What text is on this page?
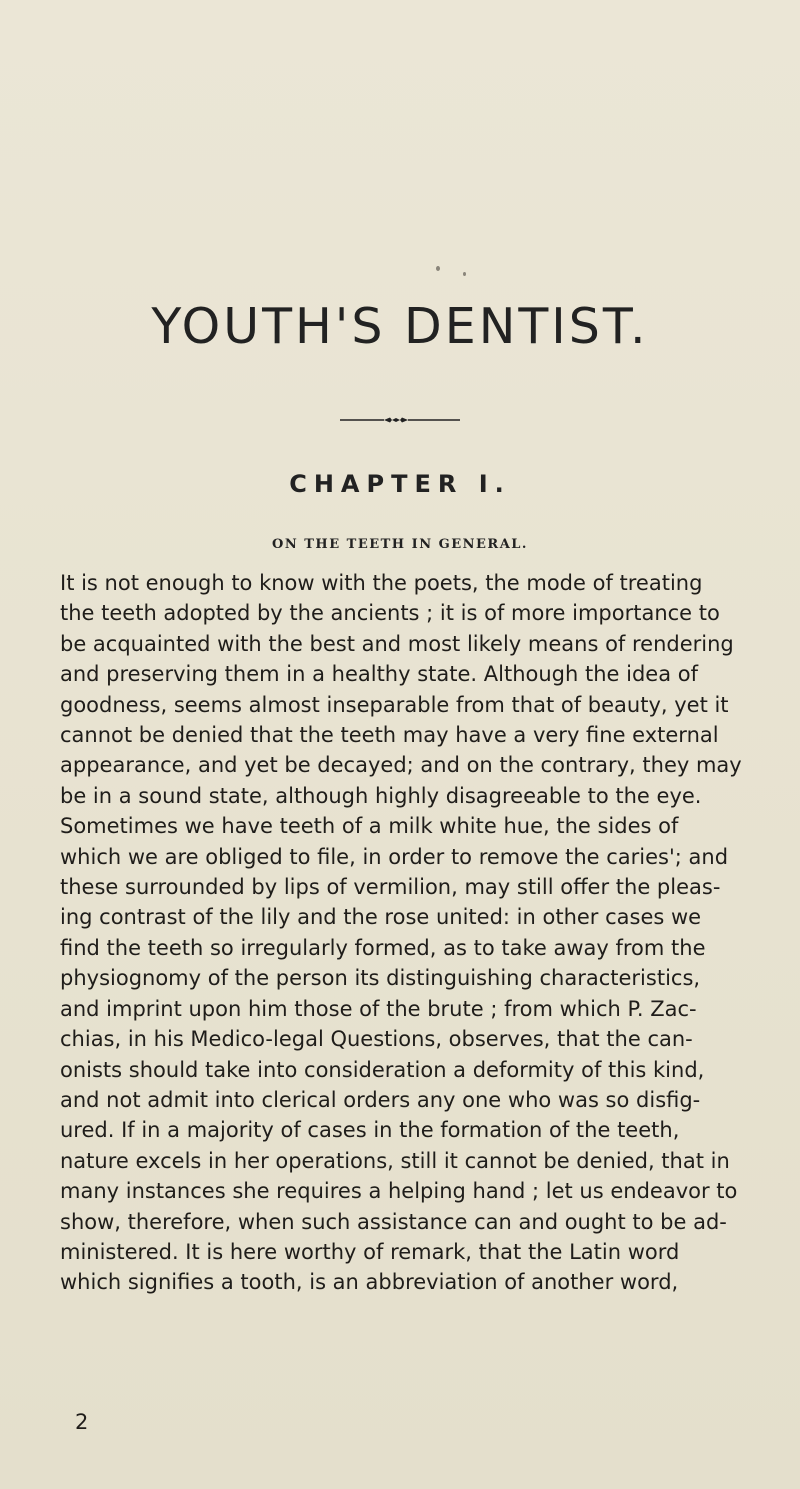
YOUTH'S DENTIST.
CHAPTER I.
ON THE TEETH IN GENERAL.
It is not enough to know with the poets, the mode of treating
the teeth adopted by the ancients ; it is of more importance to
be acquainted with the best and most likely means of rendering
and preserving them in a healthy state. Although the idea of
goodness, seems almost inseparable from that of beauty, yet it
cannot be denied that the teeth may have a very fine external
appearance, and yet be decayed; and on the contrary, they may
be in a sound state, although highly disagreeable to the eye.
Sometimes we have teeth of a milk white hue, the sides of
which we are obliged to file, in order to remove the caries'; and
these surrounded by lips of vermilion, may still offer the pleas-
ing contrast of the lily and the rose united: in other cases we
find the teeth so irregularly formed, as to take away from the
physiognomy of the person its distinguishing characteristics,
and imprint upon him those of the brute ; from which P. Zac-
chias, in his Medico-legal Questions, observes, that the can-
onists should take into consideration a deformity of this kind,
and not admit into clerical orders any one who was so disfig-
ured. If in a majority of cases in the formation of the teeth,
nature excels in her operations, still it cannot be denied, that in
many instances she requires a helping hand ; let us endeavor to
show, therefore, when such assistance can and ought to be ad-
ministered. It is here worthy of remark, that the Latin word
which signifies a tooth, is an abbreviation of another word,
2
